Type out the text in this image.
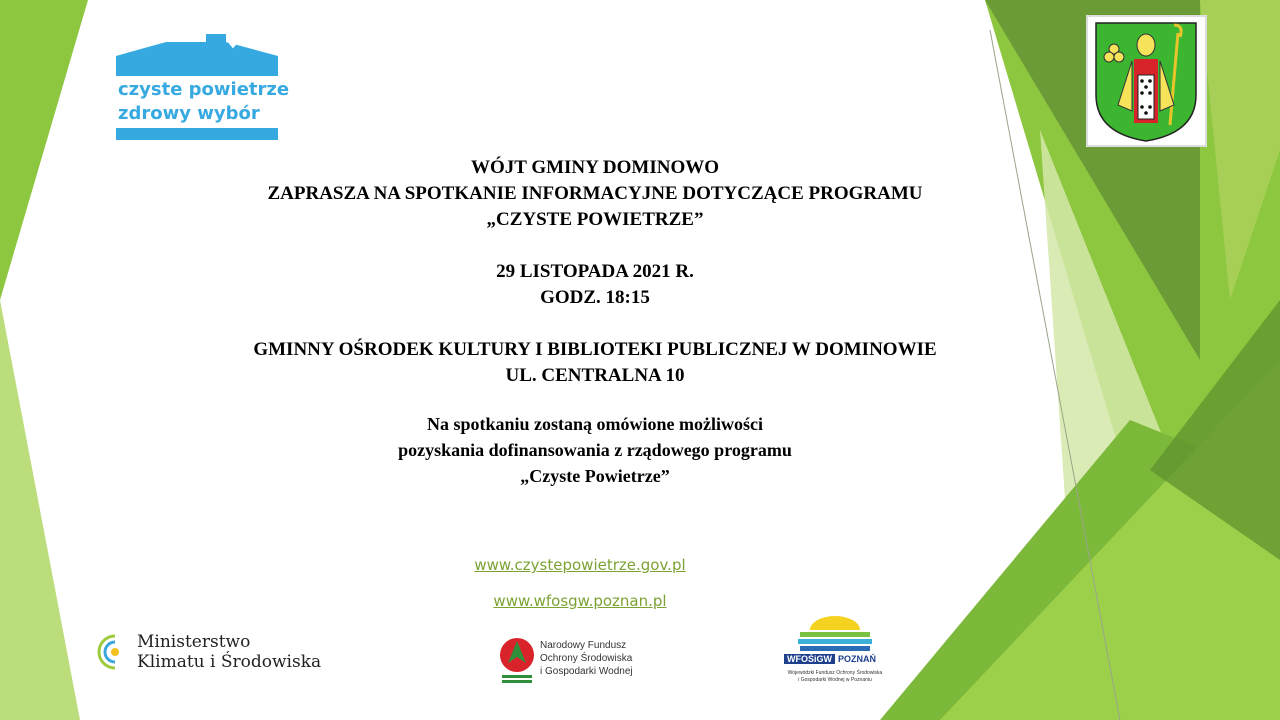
czyste powietrze
zdrowy wybór
WÓJT GMINY DOMINOWO
ZAPRASZA NA SPOTKANIE INFORMACYJNE DOTYCZĄCE PROGRAMU
„CZYSTE POWIETRZE”
29 LISTOPADA 2021 R.
GODZ. 18:15
GMINNY OŚRODEK KULTURY I BIBLIOTEKI PUBLICZNEJ W DOMINOWIE
UL. CENTRALNA 10
Na spotkaniu zostaną omówione możliwości
pozyskania dofinansowania z rządowego programu
„Czyste Powietrze”
www.czystepowietrze.gov.pl
www.wfosgw.poznan.pl
Ministerstwo
Klimatu i Środowiska
Narodowy Fundusz
Ochrony Środowiska
i Gospodarki Wodnej
WFOŚiGW POZNAŃ
Wojewódzki Fundusz Ochrony Środowiska
i Gospodarki Wodnej w Poznaniu
